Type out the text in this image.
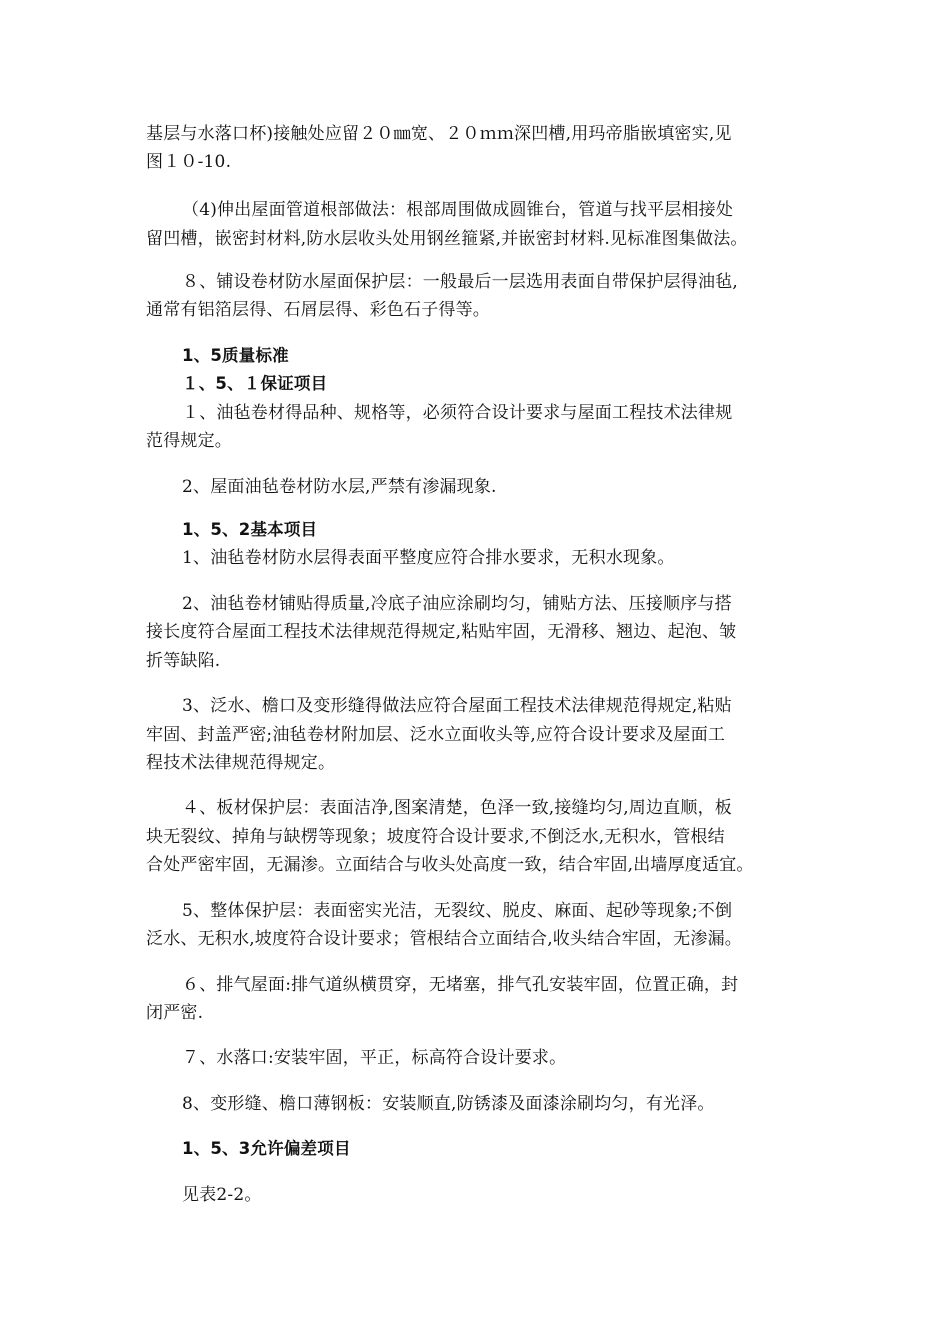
基层与水落口杯)接触处应留２０㎜宽、２０ｍｍ深凹槽,用玛帝脂嵌填密实,见
图１０-10.
（4)伸出屋面管道根部做法：根部周围做成圆锥台，管道与找平层相接处
留凹槽，嵌密封材料,防水层收头处用钢丝箍紧,并嵌密封材料.见标准图集做法。
８、铺设卷材防水屋面保护层：一般最后一层选用表面自带保护层得油毡,
通常有铝箔层得、石屑层得、彩色石子得等。
1、5质量标准
１、5、１保证项目
１、油毡卷材得品种、规格等，必须符合设计要求与屋面工程技术法律规
范得规定。
2、屋面油毡卷材防水层,严禁有渗漏现象.
1、5、2基本项目
1、油毡卷材防水层得表面平整度应符合排水要求，无积水现象。
2、油毡卷材铺贴得质量,冷底子油应涂刷均匀，铺贴方法、压接顺序与搭
接长度符合屋面工程技术法律规范得规定,粘贴牢固，无滑移、翘边、起泡、皱
折等缺陷.
3、泛水、檐口及变形缝得做法应符合屋面工程技术法律规范得规定,粘贴
牢固、封盖严密;油毡卷材附加层、泛水立面收头等,应符合设计要求及屋面工
程技术法律规范得规定。
４、板材保护层：表面洁净,图案清楚，色泽一致,接缝均匀,周边直顺，板
块无裂纹、掉角与缺楞等现象；坡度符合设计要求,不倒泛水,无积水，管根结
合处严密牢固，无漏渗。立面结合与收头处高度一致，结合牢固,出墙厚度适宜。
5、整体保护层：表面密实光洁，无裂纹、脱皮、麻面、起砂等现象;不倒
泛水、无积水,坡度符合设计要求；管根结合立面结合,收头结合牢固，无渗漏。
６、排气屋面:排气道纵横贯穿，无堵塞，排气孔安装牢固，位置正确，封
闭严密.
７、水落口:安装牢固，平正，标高符合设计要求。
8、变形缝、檐口薄钢板：安装顺直,防锈漆及面漆涂刷均匀，有光泽。
1、5、3允许偏差项目
见表2-2。
